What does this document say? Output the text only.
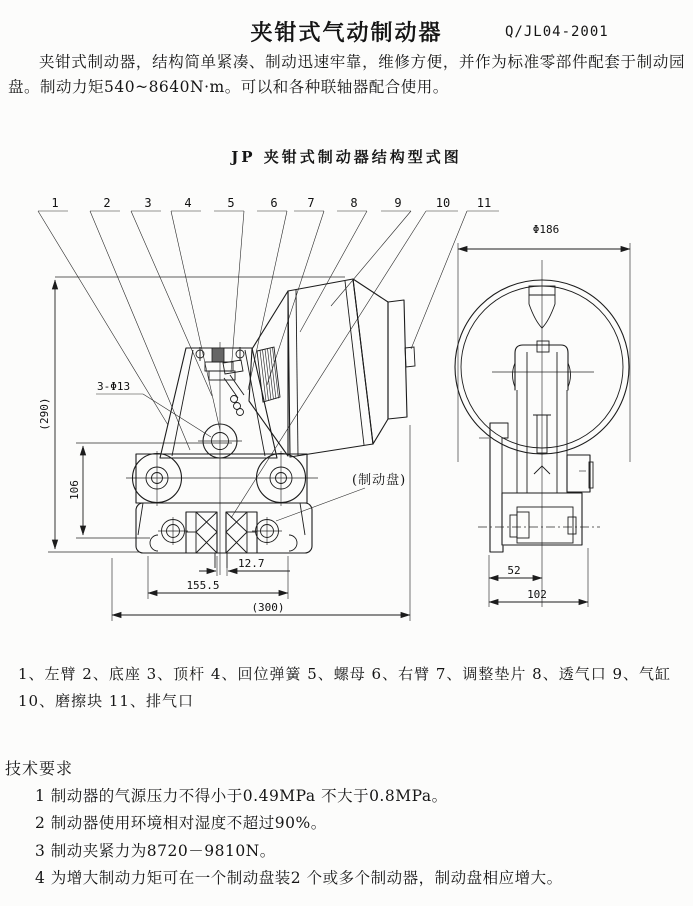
夹钳式气动制动器	Q/JL04-2001
夹钳式制动器，结构简单紧凑、制动迅速牢靠，维修方便，并作为标准零部件配套于制动园盘。制动力矩540~8640N·m。可以和各种联轴器配合使用。
JP 夹钳式制动器结构型式图
1	2	3	4	5	6 7	8	9	10 11
(290)
106
3-Φ13
(制动盘)
12.7
155.5
(300)
Φ186
52
102
1、左臂 2、底座 3、顶杆 4、回位弹簧 5、螺母 6、右臂 7、调整垫片 8、透气口 9、气缸
10、磨擦块 11、排气口
技术要求
1 制动器的气源压力不得小于0.49MPa 不大于0.8MPa。
2 制动器使用环境相对湿度不超过90%。
3 制动夹紧力为8720－9810N。
4 为增大制动力矩可在一个制动盘装2 个或多个制动器，制动盘相应增大。
